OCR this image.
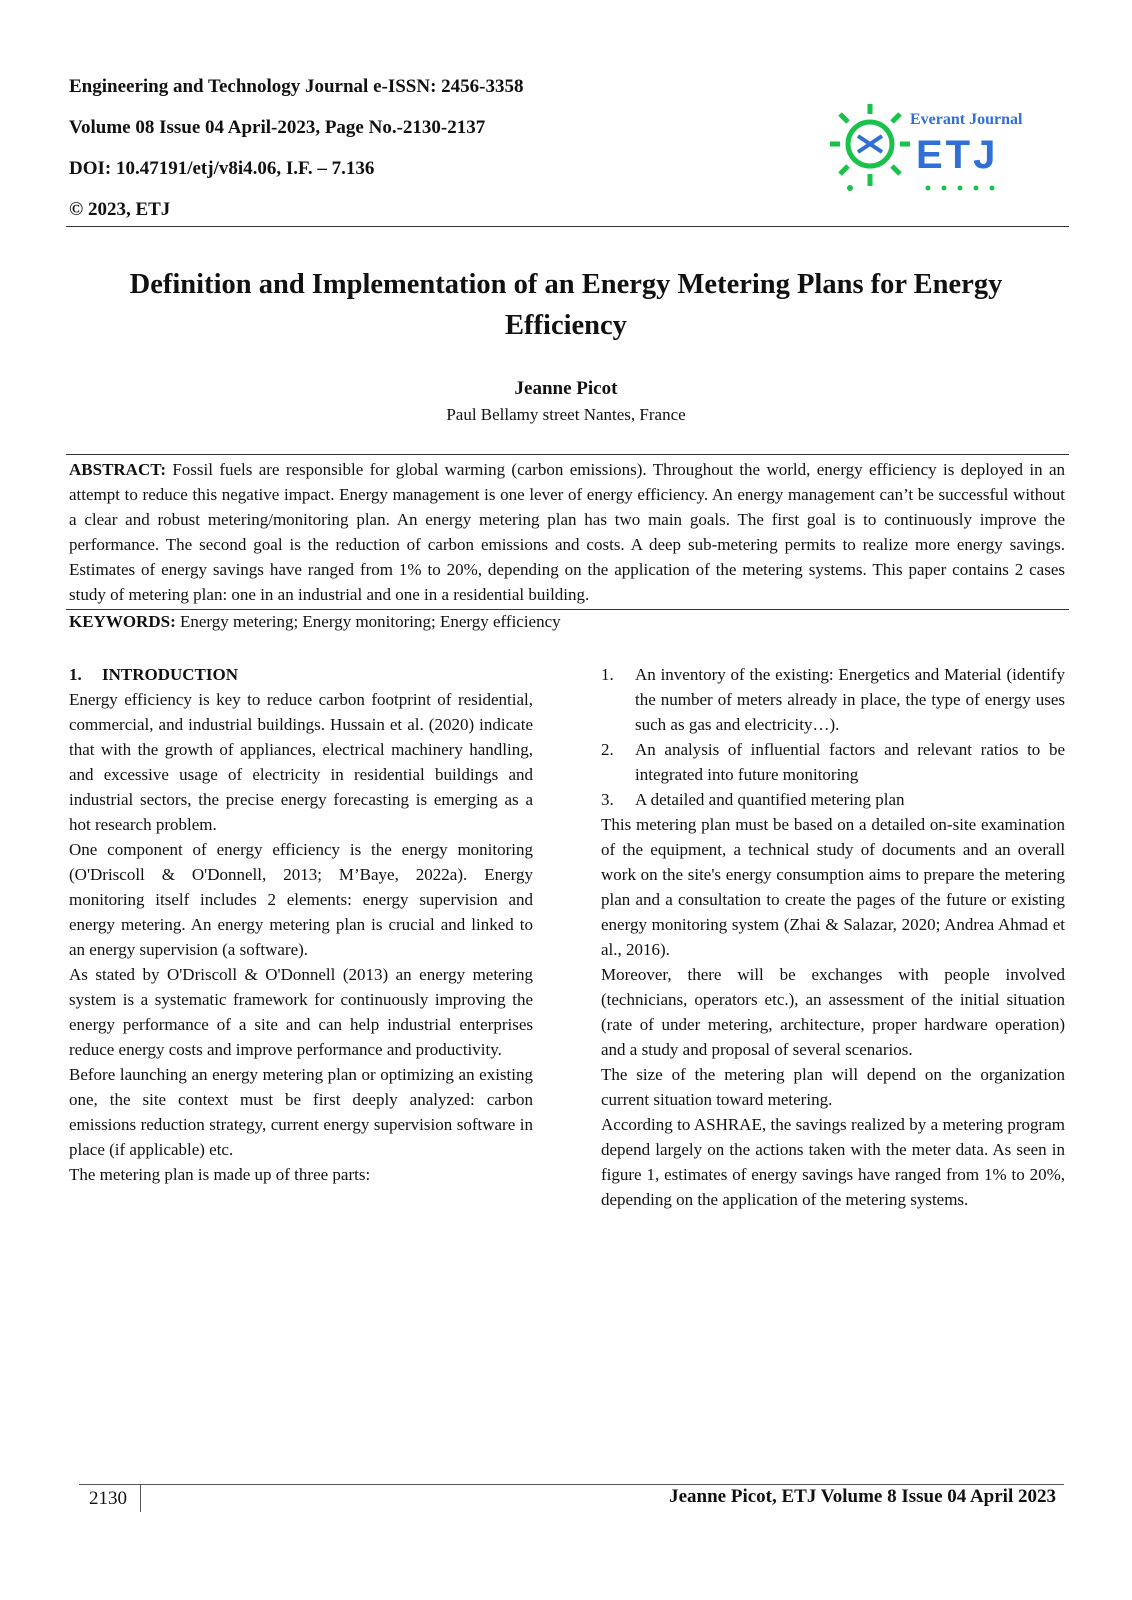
Engineering and Technology Journal e-ISSN: 2456-3358
Volume 08 Issue 04 April-2023, Page No.-2130-2137
DOI: 10.47191/etj/v8i4.06, I.F. – 7.136
© 2023, ETJ
Everant Journal
ETJ
Definition and Implementation of an Energy Metering Plans for Energy Efficiency
Jeanne Picot
Paul Bellamy street Nantes, France
ABSTRACT: Fossil fuels are responsible for global warming (carbon emissions). Throughout the world, energy efficiency is deployed in an attempt to reduce this negative impact. Energy management is one lever of energy efficiency. An energy management can’t be successful without a clear and robust metering/monitoring plan. An energy metering plan has two main goals. The first goal is to continuously improve the performance. The second goal is the reduction of carbon emissions and costs. A deep sub-metering permits to realize more energy savings. Estimates of energy savings have ranged from 1% to 20%, depending on the application of the metering systems. This paper contains 2 cases study of metering plan: one in an industrial and one in a residential building.
KEYWORDS: Energy metering; Energy monitoring; Energy efficiency

1. INTRODUCTION

Energy efficiency is key to reduce carbon footprint of residential, commercial, and industrial buildings. Hussain et al. (2020) indicate that with the growth of appliances, electrical machinery handling, and excessive usage of electricity in residential buildings and industrial sectors, the precise energy forecasting is emerging as a hot research problem.

One component of energy efficiency is the energy monitoring (O'Driscoll & O'Donnell, 2013; M’Baye, 2022a). Energy monitoring itself includes 2 elements: energy supervision and energy metering. An energy metering plan is crucial and linked to an energy supervision (a software).

As stated by O'Driscoll & O'Donnell (2013) an energy metering system is a systematic framework for continuously improving the energy performance of a site and can help industrial enterprises reduce energy costs and improve performance and productivity.

Before launching an energy metering plan or optimizing an existing one, the site context must be first deeply analyzed: carbon emissions reduction strategy, current energy supervision software in place (if applicable) etc.

The metering plan is made up of three parts:

1. An inventory of the existing: Energetics and Material (identify the number of meters already in place, the type of energy uses such as gas and electricity…).
2. An analysis of influential factors and relevant ratios to be integrated into future monitoring
3. A detailed and quantified metering plan

This metering plan must be based on a detailed on-site examination of the equipment, a technical study of documents and an overall work on the site's energy consumption aims to prepare the metering plan and a consultation to create the pages of the future or existing energy monitoring system (Zhai & Salazar, 2020; Andrea Ahmad et al., 2016).

Moreover, there will be exchanges with people involved (technicians, operators etc.), an assessment of the initial situation (rate of under metering, architecture, proper hardware operation) and a study and proposal of several scenarios.

The size of the metering plan will depend on the organization current situation toward metering.

According to ASHRAE, the savings realized by a metering program depend largely on the actions taken with the meter data. As seen in figure 1, estimates of energy savings have ranged from 1% to 20%, depending on the application of the metering systems.

2130	Jeanne Picot, ETJ Volume 8 Issue 04 April 2023
